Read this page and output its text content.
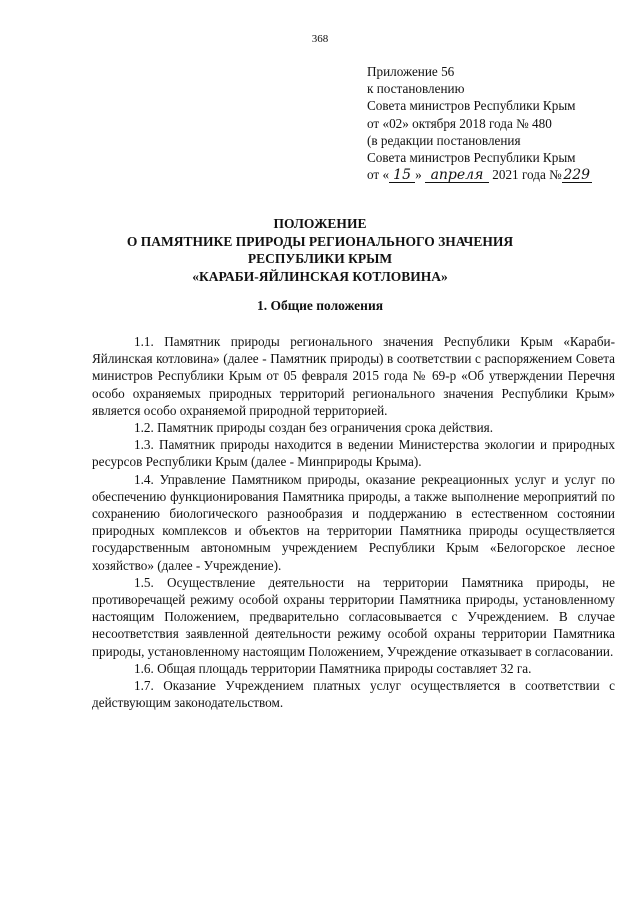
368
Приложение 56
к постановлению
Совета министров Республики Крым
от «02» октября 2018 года № 480
(в редакции постановления
Совета министров Республики Крым
от « 15 » апреля 2021 года № 229
ПОЛОЖЕНИЕ
О ПАМЯТНИКЕ ПРИРОДЫ РЕГИОНАЛЬНОГО ЗНАЧЕНИЯ
РЕСПУБЛИКИ КРЫМ
«КАРАБИ-ЯЙЛИНСКАЯ КОТЛОВИНА»
1. Общие положения

1.1. Памятник природы регионального значения Республики Крым «Караби-Яйлинская котловина» (далее - Памятник природы) в соответствии с распоряжением Совета министров Республики Крым от 05 февраля 2015 года № 69-р «Об утверждении Перечня особо охраняемых природных территорий регионального значения Республики Крым» является особо охраняемой природной территорией.

1.2. Памятник природы создан без ограничения срока действия.

1.3. Памятник природы находится в ведении Министерства экологии и природных ресурсов Республики Крым (далее - Минприроды Крыма).

1.4. Управление Памятником природы, оказание рекреационных услуг и услуг по обеспечению функционирования Памятника природы, а также выполнение мероприятий по сохранению биологического разнообразия и поддержанию в естественном состоянии природных комплексов и объектов на территории Памятника природы осуществляется государственным автономным учреждением Республики Крым «Белогорское лесное хозяйство» (далее - Учреждение).

1.5. Осуществление деятельности на территории Памятника природы, не противоречащей режиму особой охраны территории Памятника природы, установленному настоящим Положением, предварительно согласовывается с Учреждением. В случае несоответствия заявленной деятельности режиму особой охраны территории Памятника природы, установленному настоящим Положением, Учреждение отказывает в согласовании.

1.6. Общая площадь территории Памятника природы составляет 32 га.

1.7. Оказание Учреждением платных услуг осуществляется в соответствии с действующим законодательством.
